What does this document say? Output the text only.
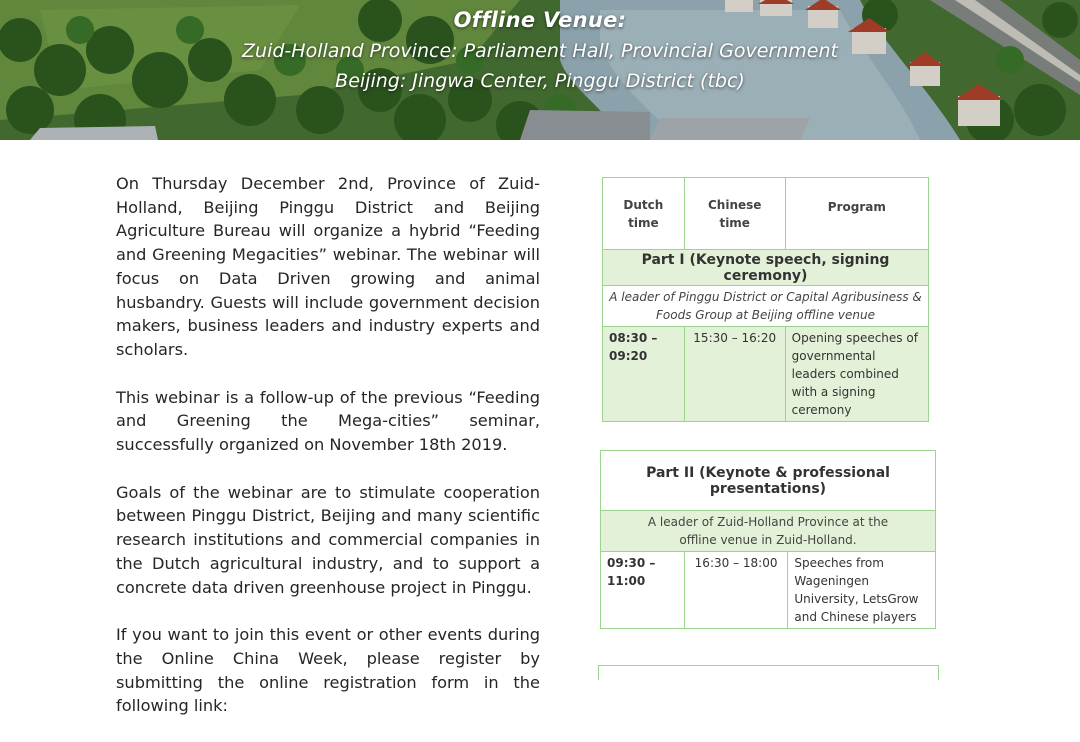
Offline Venue:
Zuid-Holland Province: Parliament Hall, Provincial Government
Beijing: Jingwa Center, Pinggu District (tbc)

On Thursday December 2nd, Province of Zuid-Holland, Beijing Pinggu District and Beijing Agriculture Bureau will organize a hybrid “Feeding and Greening Megacities” webinar. The webinar will focus on Data Driven growing and animal husbandry. Guests will include government decision makers, business leaders and industry experts and scholars.

This webinar is a follow-up of the previous “Feeding and Greening the Mega-cities” seminar, successfully organized on November 18th 2019.

Goals of the webinar are to stimulate cooperation between Pinggu District, Beijing and many scientific research institutions and commercial companies in the Dutch agricultural industry, and to support a concrete data driven greenhouse project in Pinggu.

If you want to join this event or other events during the Online China Week, please register by submitting the online registration form in the following link:

Dutch time	Chinese time	Program
Part I (Keynote speech, signing ceremony)		
A leader of Pinggu District or Capital Agribusiness & Foods Group at Beijing offline venue		
08:30 – 09:20	15:30 – 16:20	Opening speeches of governmental leaders combined with a signing ceremony
Part II (Keynote & professional presentations)
A leader of Zuid-Holland Province at the offline venue in Zuid-Holland.
09:30 – 11:00	16:30 – 18:00	Speeches from Wageningen University, LetsGrow and Chinese players
